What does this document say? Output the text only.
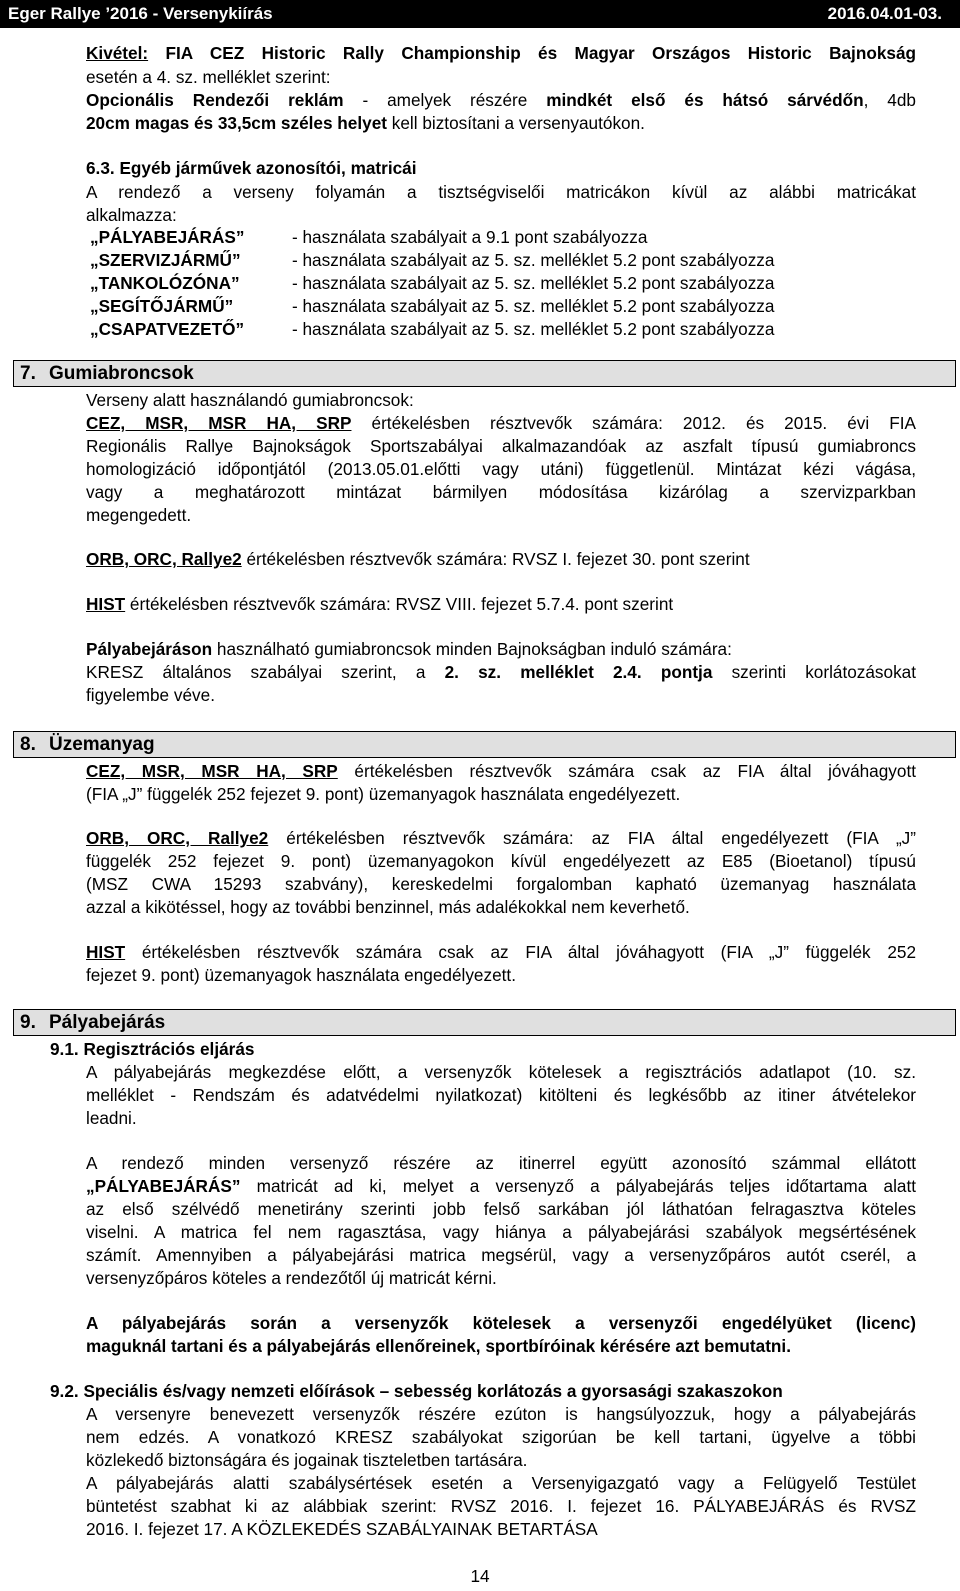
Eger Rallye ’2016 - Versenykiírás	2016.04.01-03.
Kivétel: FIA CEZ Historic Rally Championship és Magyar Országos Historic Bajnokság
esetén a 4. sz. melléklet szerint:
Opcionális Rendezői reklám - amelyek részére mindkét első és hátsó sárvédőn, 4db
20cm magas és 33,5cm széles helyet kell biztosítani a versenyautókon.
6.3. Egyéb járművek azonosítói, matricái
A rendező a verseny folyamán a tisztségviselői matricákon kívül az alábbi matricákat
alkalmazza:
„PÁLYABEJÁRÁS”	- használata szabályait a 9.1 pont szabályozza
„SZERVIZJÁRMŰ”	- használata szabályait az 5. sz. melléklet 5.2 pont szabályozza
„TANKOLÓZÓNA”	- használata szabályait az 5. sz. melléklet 5.2 pont szabályozza
„SEGÍTŐJÁRMŰ”	- használata szabályait az 5. sz. melléklet 5.2 pont szabályozza
„CSAPATVEZETŐ”	- használata szabályait az 5. sz. melléklet 5.2 pont szabályozza
7. Gumiabroncsok
Verseny alatt használandó gumiabroncsok:
CEZ, MSR, MSR HA, SRP értékelésben résztvevők számára: 2012. és 2015. évi FIA
Regionális Rallye Bajnokságok Sportszabályai alkalmazandóak az aszfalt típusú gumiabroncs
homologizáció időpontjától (2013.05.01.előtti vagy utáni) függetlenül. Mintázat kézi vágása,
vagy a meghatározott mintázat bármilyen módosítása kizárólag a szervizparkban
megengedett.
ORB, ORC, Rallye2 értékelésben résztvevők számára: RVSZ I. fejezet 30. pont szerint
HIST értékelésben résztvevők számára: RVSZ VIII. fejezet 5.7.4. pont szerint
Pályabejáráson használható gumiabroncsok minden Bajnokságban induló számára:
KRESZ általános szabályai szerint, a 2. sz. melléklet 2.4. pontja szerinti korlátozásokat
figyelembe véve.
8. Üzemanyag
CEZ, MSR, MSR HA, SRP értékelésben résztvevők számára csak az FIA által jóváhagyott
(FIA „J” függelék 252 fejezet 9. pont) üzemanyagok használata engedélyezett.
ORB, ORC, Rallye2 értékelésben résztvevők számára: az FIA által engedélyezett (FIA „J”
függelék 252 fejezet 9. pont) üzemanyagokon kívül engedélyezett az E85 (Bioetanol) típusú
(MSZ CWA 15293 szabvány), kereskedelmi forgalomban kapható üzemanyag használata
azzal a kikötéssel, hogy az további benzinnel, más adalékokkal nem keverhető.
HIST értékelésben résztvevők számára csak az FIA által jóváhagyott (FIA „J” függelék 252
fejezet 9. pont) üzemanyagok használata engedélyezett.
9. Pályabejárás
9.1. Regisztrációs eljárás
A pályabejárás megkezdése előtt, a versenyzők kötelesek a regisztrációs adatlapot (10. sz.
melléklet - Rendszám és adatvédelmi nyilatkozat) kitölteni és legkésőbb az itiner átvételekor
leadni.
A rendező minden versenyző részére az itinerrel együtt azonosító számmal ellátott
„PÁLYABEJÁRÁS” matricát ad ki, melyet a versenyző a pályabejárás teljes időtartama alatt
az első szélvédő menetirány szerinti jobb felső sarkában jól láthatóan felragasztva köteles
viselni. A matrica fel nem ragasztása, vagy hiánya a pályabejárási szabályok megsértésének
számít. Amennyiben a pályabejárási matrica megsérül, vagy a versenyzőpáros autót cserél, a
versenyzőpáros köteles a rendezőtől új matricát kérni.
A pályabejárás során a versenyzők kötelesek a versenyzői engedélyüket (licenc)
maguknál tartani és a pályabejárás ellenőreinek, sportbíróinak kérésére azt bemutatni.
9.2. Speciális és/vagy nemzeti előírások – sebesség korlátozás a gyorsasági szakaszokon
A versenyre benevezett versenyzők részére ezúton is hangsúlyozzuk, hogy a pályabejárás
nem edzés. A vonatkozó KRESZ szabályokat szigorúan be kell tartani, ügyelve a többi
közlekedő biztonságára és jogainak tiszteletben tartására.
A pályabejárás alatti szabálysértések esetén a Versenyigazgató vagy a Felügyelő Testület
büntetést szabhat ki az alábbiak szerint: RVSZ 2016. I. fejezet 16. PÁLYABEJÁRÁS és RVSZ
2016. I. fejezet 17. A KÖZLEKEDÉS SZABÁLYAINAK BETARTÁSA
14
